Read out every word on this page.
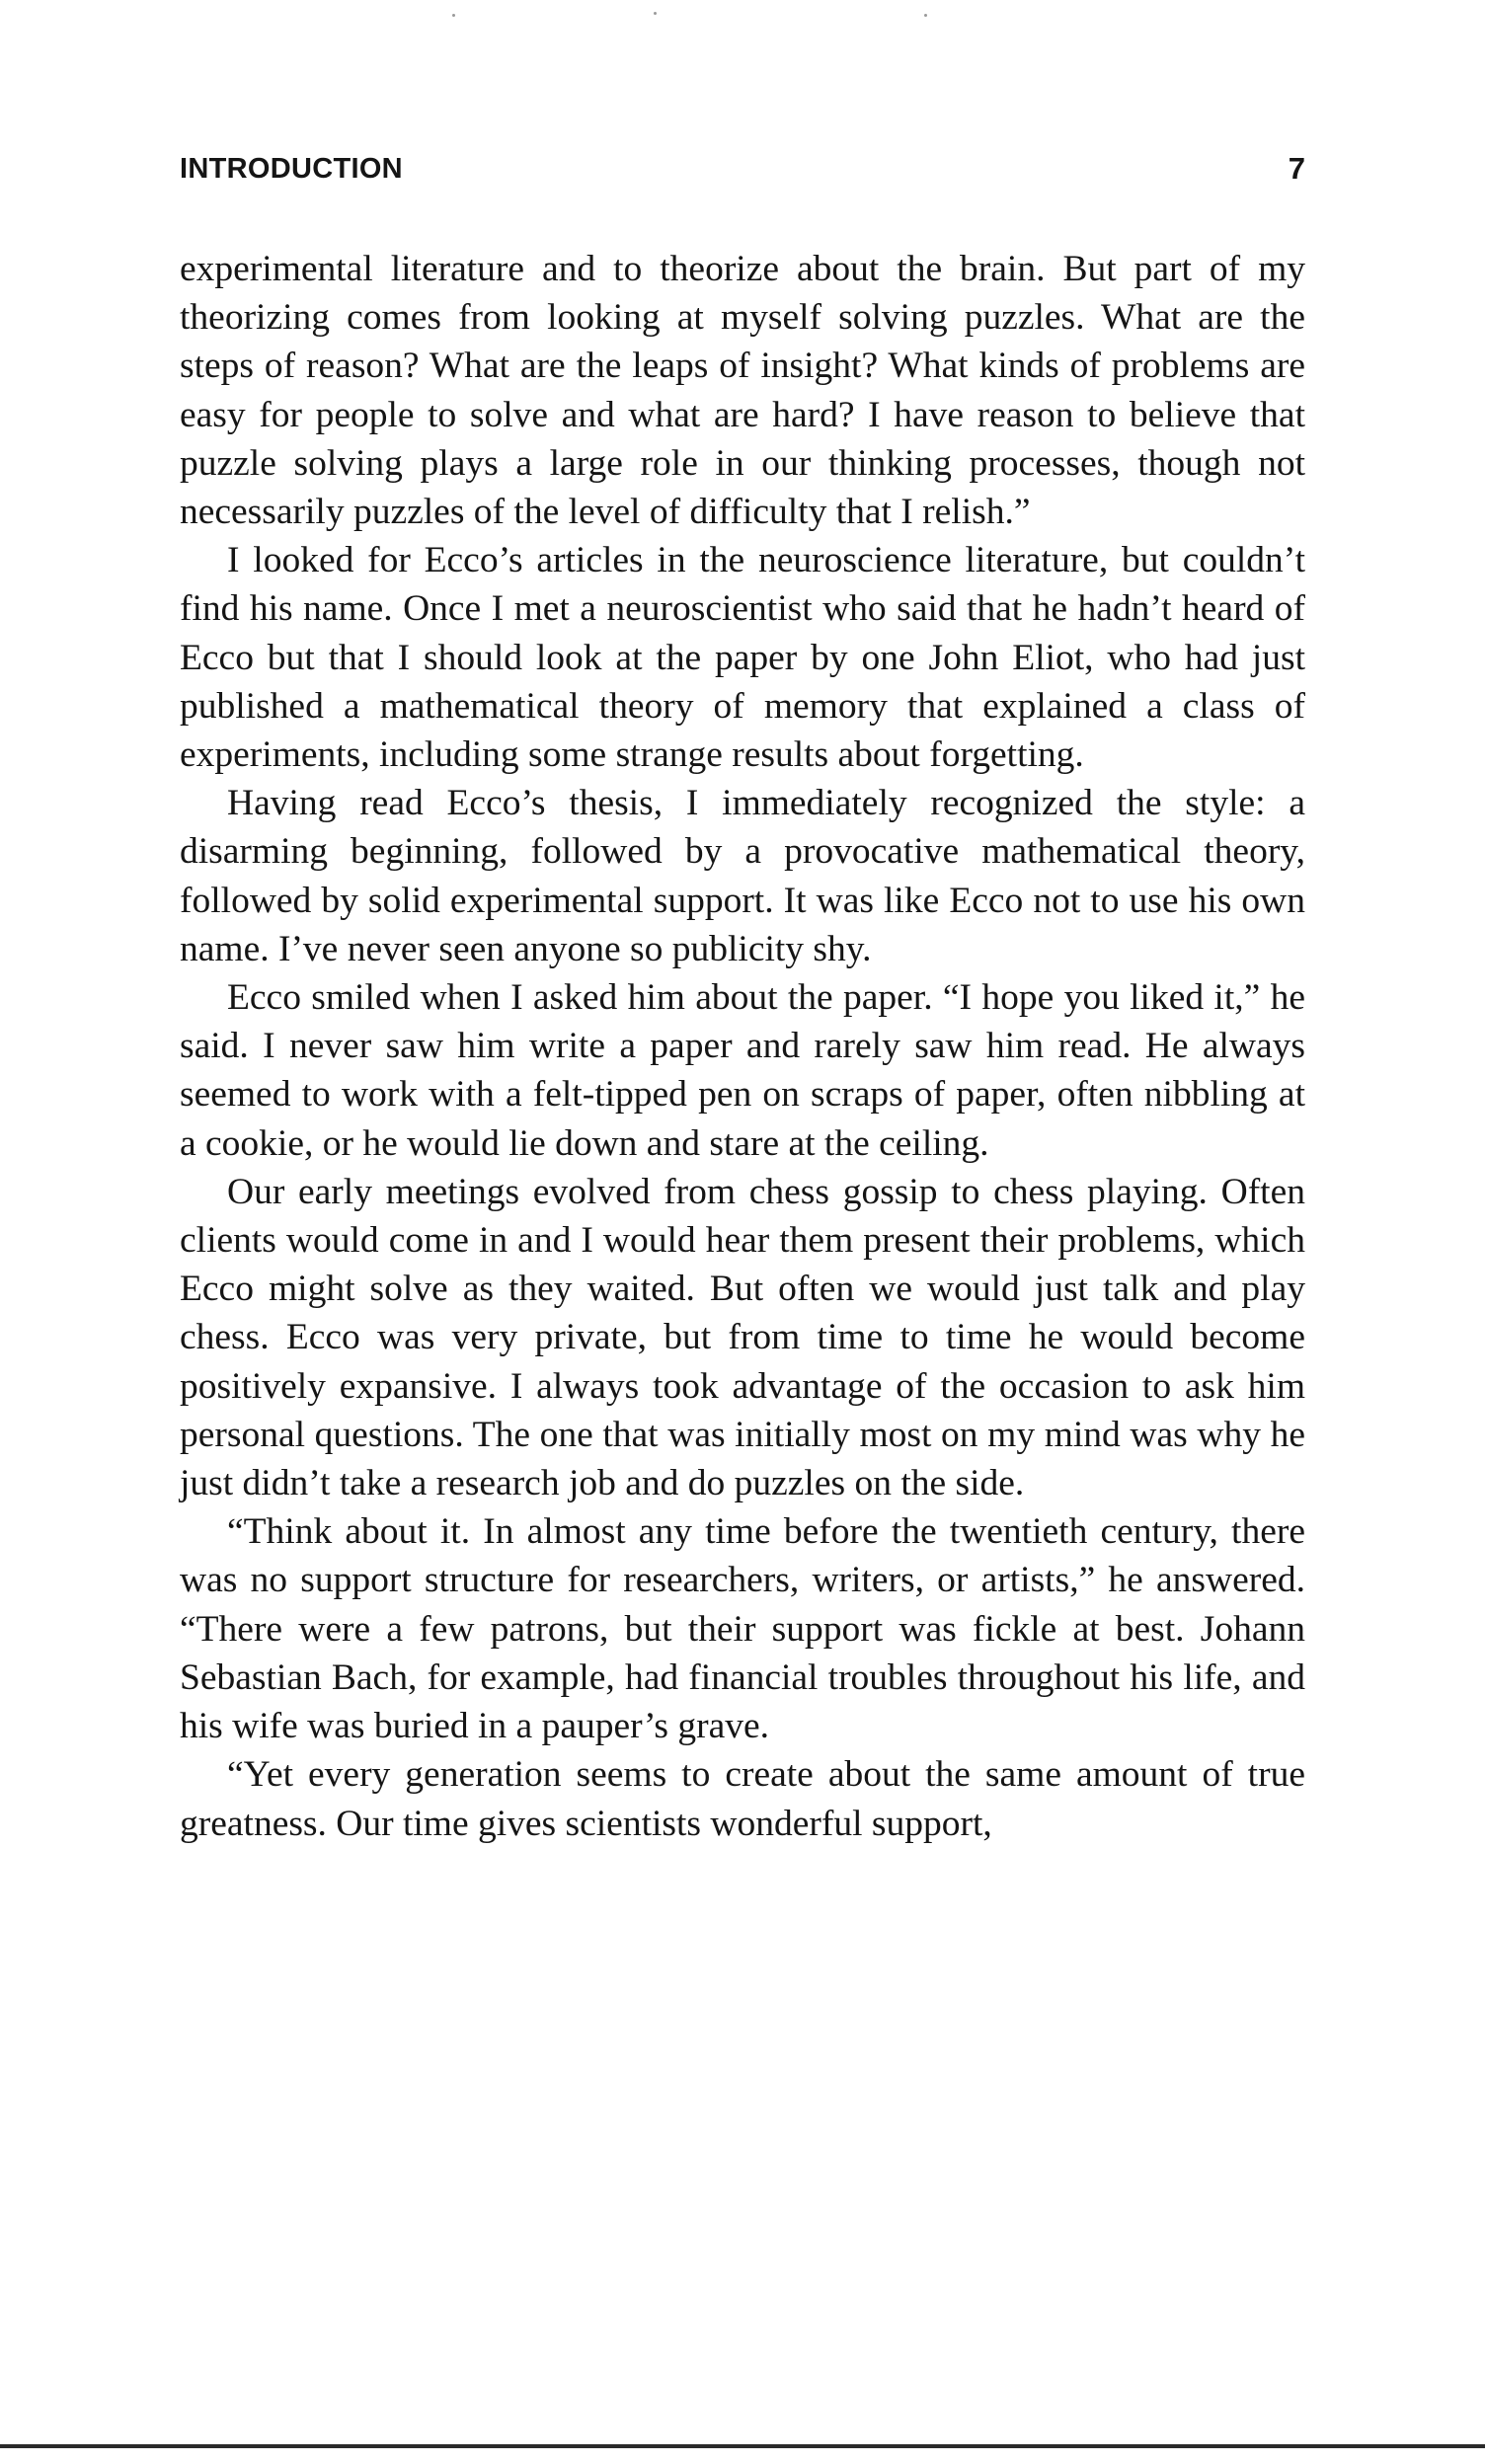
INTRODUCTION	7

experimental literature and to theorize about the brain. But part of my theorizing comes from looking at myself solving puzzles. What are the steps of reason? What are the leaps of insight? What kinds of problems are easy for people to solve and what are hard? I have reason to believe that puzzle solving plays a large role in our thinking processes, though not necessarily puzzles of the level of difficulty that I relish.”

I looked for Ecco’s articles in the neuroscience literature, but couldn’t find his name. Once I met a neuroscientist who said that he hadn’t heard of Ecco but that I should look at the paper by one John Eliot, who had just published a mathematical theory of memory that explained a class of experiments, including some strange results about forgetting.

Having read Ecco’s thesis, I immediately recognized the style: a disarming beginning, followed by a provocative mathematical theory, followed by solid experimental support. It was like Ecco not to use his own name. I’ve never seen anyone so publicity shy.

Ecco smiled when I asked him about the paper. “I hope you liked it,” he said. I never saw him write a paper and rarely saw him read. He always seemed to work with a felt-tipped pen on scraps of paper, often nibbling at a cookie, or he would lie down and stare at the ceiling.

Our early meetings evolved from chess gossip to chess playing. Often clients would come in and I would hear them present their problems, which Ecco might solve as they waited. But often we would just talk and play chess. Ecco was very private, but from time to time he would become positively expansive. I always took advantage of the occasion to ask him personal questions. The one that was initially most on my mind was why he just didn’t take a research job and do puzzles on the side.

“Think about it. In almost any time before the twentieth century, there was no support structure for researchers, writers, or artists,” he answered. “There were a few patrons, but their support was fickle at best. Johann Sebastian Bach, for example, had financial troubles throughout his life, and his wife was buried in a pauper’s grave.

“Yet every generation seems to create about the same amount of true greatness. Our time gives scientists wonderful support,
